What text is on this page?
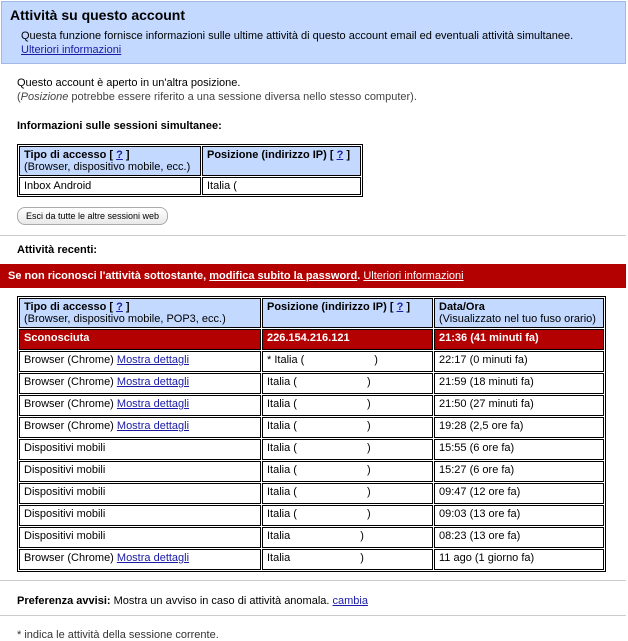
Attività su questo account
Questa funzione fornisce informazioni sulle ultime attività di questo account email ed eventuali attività simultanee.
Ulteriori informazioni
Questo account è aperto in un'altra posizione.
(Posizione potrebbe essere riferito a una sessione diversa nello stesso computer).
Informazioni sulle sessioni simultanee:
Tipo di accesso [ ? ]
(Browser, dispositivo mobile, ecc.)	Posizione (indirizzo IP) [ ? ]
Inbox Android	Italia (
Esci da tutte le altre sessioni web
Attività recenti:
Se non riconosci l'attività sottostante, modifica subito la password. Ulteriori informazioni
Tipo di accesso [ ? ]
(Browser, dispositivo mobile, POP3, ecc.)	Posizione (indirizzo IP) [ ? ]	Data/Ora
(Visualizzato nel tuo fuso orario)
Sconosciuta	226.154.216.121	21:36 (41 minuti fa)
Browser (Chrome) Mostra dettagli	* Italia ( )	22:17 (0 minuti fa)
Browser (Chrome) Mostra dettagli	Italia ( )	21:59 (18 minuti fa)
Browser (Chrome) Mostra dettagli	Italia ( )	21:50 (27 minuti fa)
Browser (Chrome) Mostra dettagli	Italia ( )	19:28 (2,5 ore fa)
Dispositivi mobili	Italia ( )	15:55 (6 ore fa)
Dispositivi mobili	Italia ( )	15:27 (6 ore fa)
Dispositivi mobili	Italia ( )	09:47 (12 ore fa)
Dispositivi mobili	Italia ( )	09:03 (13 ore fa)
Dispositivi mobili	Italia )	08:23 (13 ore fa)
Browser (Chrome) Mostra dettagli	Italia )	11 ago (1 giorno fa)
Preferenza avvisi: Mostra un avviso in caso di attività anomala. cambia
* indica le attività della sessione corrente.
